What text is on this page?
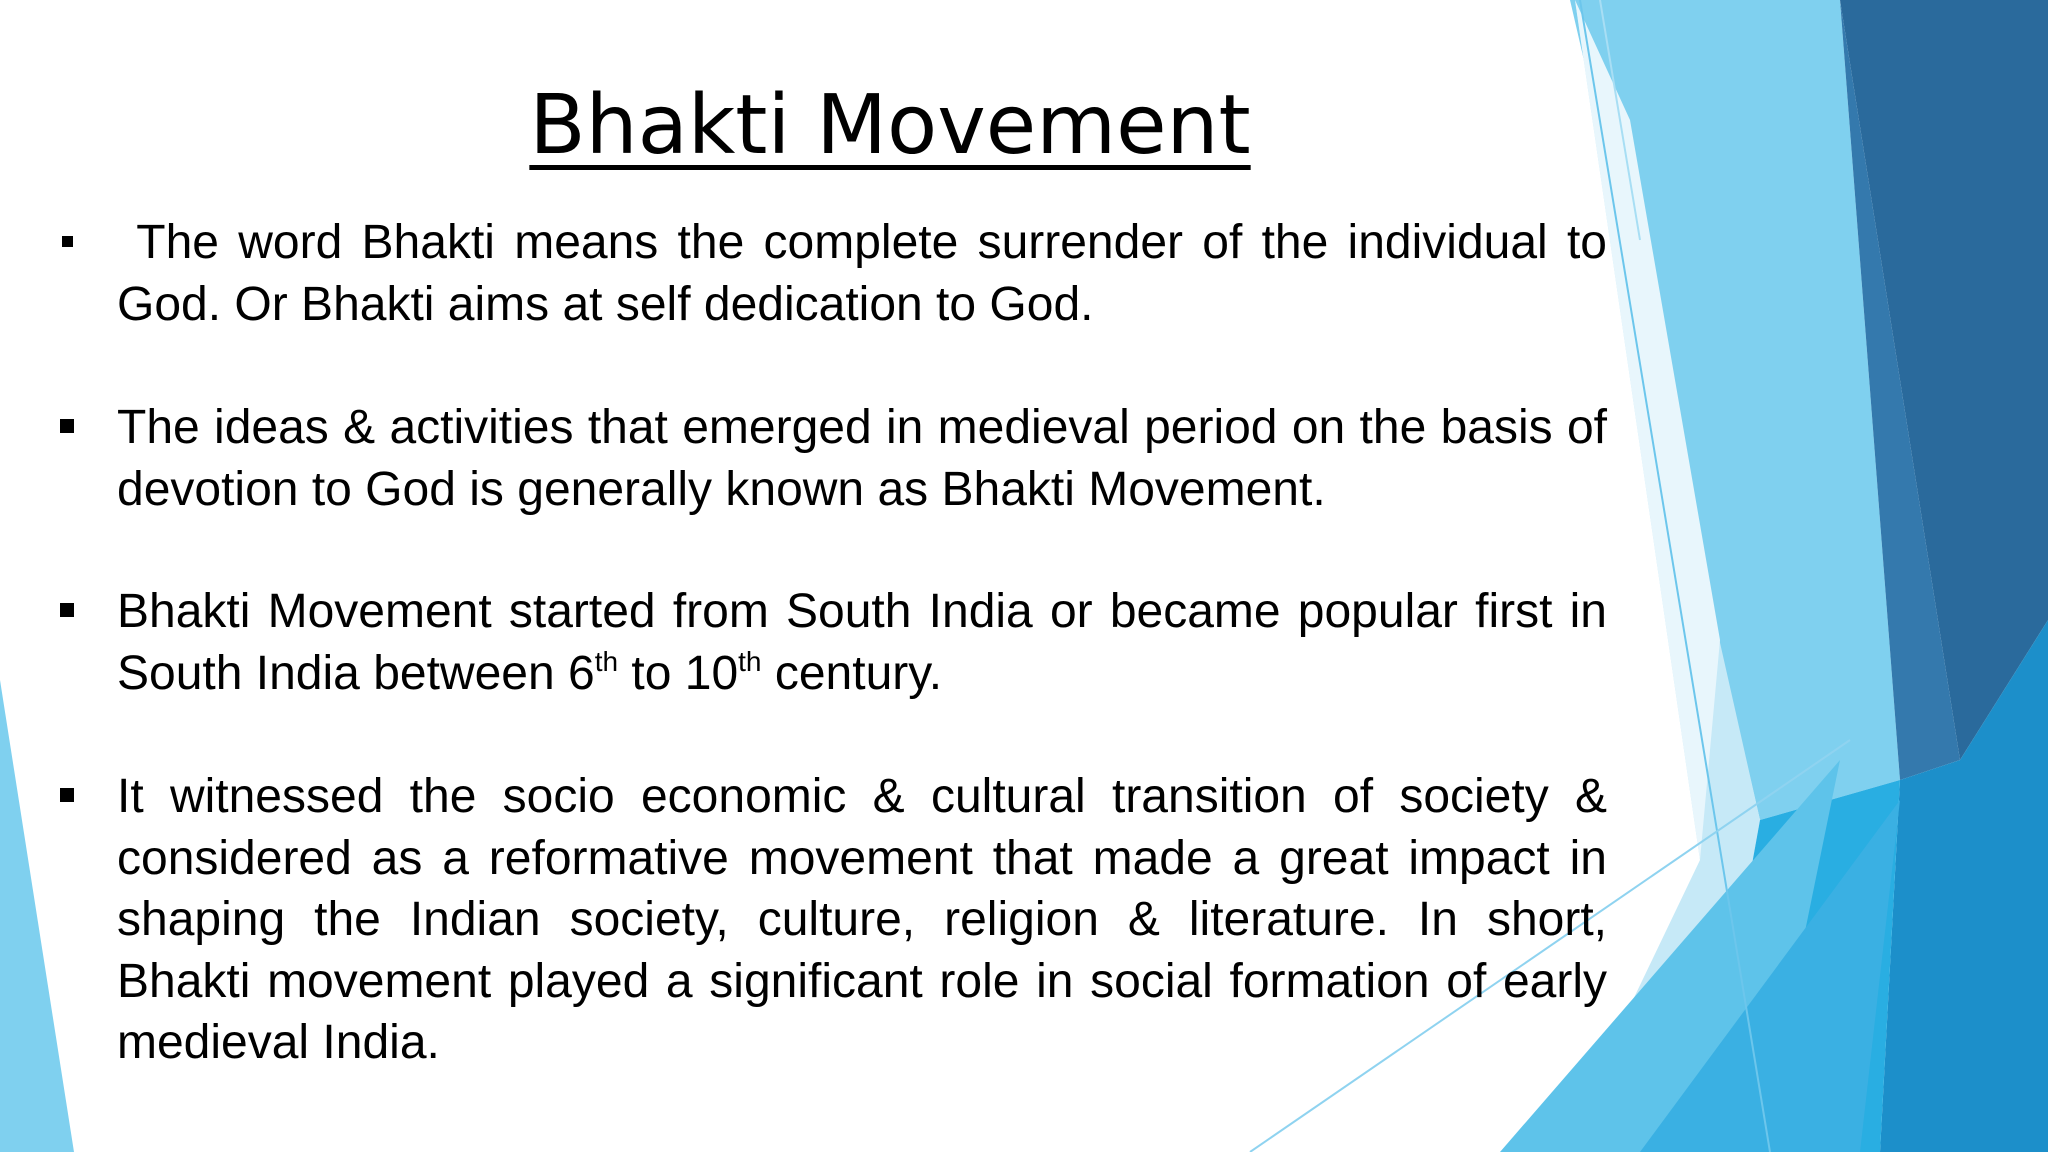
Bhakti Movement
The word Bhakti means the complete surrender of the individual to God. Or Bhakti aims at self dedication to God.
The ideas & activities that emerged in medieval period on the basis of devotion to God is generally known as Bhakti Movement.
Bhakti Movement started from South India or became popular first in South India between 6th to 10th century.
It witnessed the socio economic & cultural transition of society & considered as a reformative movement that made a great impact in shaping the Indian society, culture, religion & literature. In short, Bhakti movement played a significant role in social formation of early medieval India.
